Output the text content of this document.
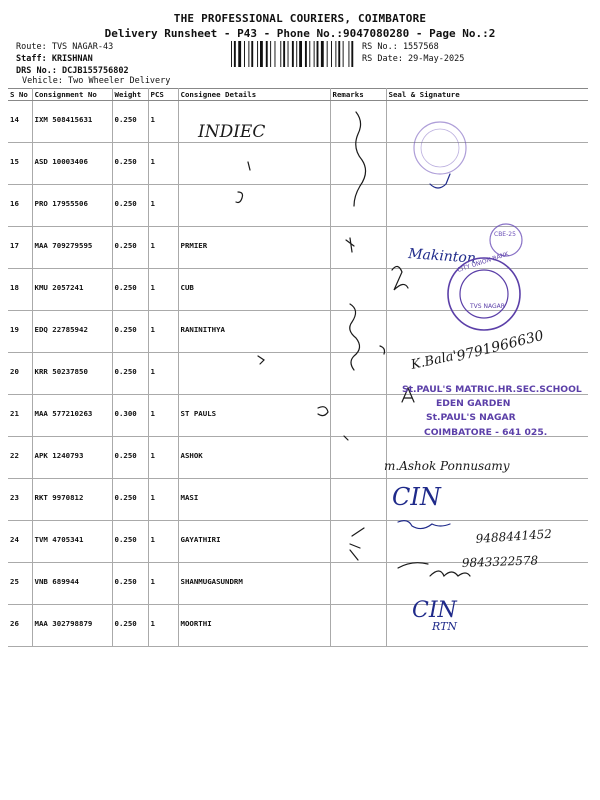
THE PROFESSIONAL COURIERS, COIMBATORE
Delivery Runsheet - P43 - Phone No.:9047080280 - Page No.:2
Route: TVS NAGAR-43
Staff: KRISHNAN
DRS No.: DCJB155756802
Vehicle: Two Wheeler Delivery
RS No.: 1557568
RS Date: 29-May-2025
S No	Consignment No	Weight	PCS	Consignee Details	Remarks	Seal & Signature
14	IXM 508415631	0.250	1			
15	ASD 10003406	0.250	1			
16	PRO 17955506	0.250	1			
17	MAA 709279595	0.250	1	PRMIER		
18	KMU 2057241	0.250	1	CUB		
19	EDQ 22785942	0.250	1	RANINITHYA		
20	KRR 50237850	0.250	1			
21	MAA 577210263	0.300	1	ST PAULS		
22	APK 1240793	0.250	1	ASHOK		
23	RKT 9970812	0.250	1	MASI		
24	TVM 4705341	0.250	1	GAYATHIRI		
25	VNB 689944	0.250	1	SHANMUGASUNDRM		
26	MAA 302798879	0.250	1	MOORTHI		
INDIEC
Makinton
K.Bala'
9791966630
m.Ashok Ponnusamy
CIN
9488441452
9843322578
CIN
RTN
CBE-25
CITY UNION BANK
TVS NAGAR
St.PAUL'S MATRIC.HR.SEC.SCHOOL
EDEN GARDEN
St.PAUL'S NAGAR
COIMBATORE - 641 025.
